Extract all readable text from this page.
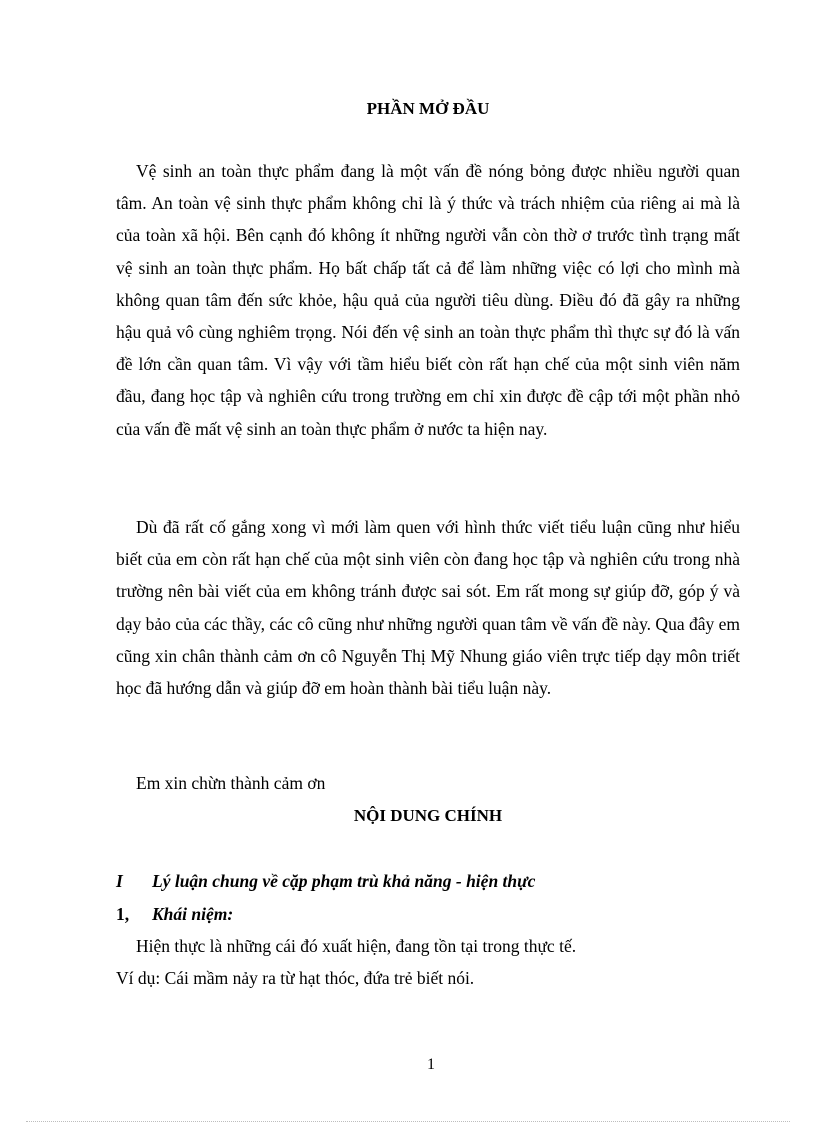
PHẦN MỞ ĐẦU

Vệ sinh an toàn thực phẩm đang là một vấn đề nóng bỏng được nhiều người quan tâm. An toàn vệ sinh thực phẩm không chỉ là ý thức và trách nhiệm của riêng ai mà là của toàn xã hội. Bên cạnh đó không ít những người vẫn còn thờ ơ trước tình trạng mất vệ sinh an toàn thực phẩm. Họ bất chấp tất cả để làm những việc có lợi cho mình mà không quan tâm đến sức khỏe, hậu quả của người tiêu dùng. Điều đó đã gây ra những hậu quả vô cùng nghiêm trọng. Nói đến vệ sinh an toàn thực phẩm thì thực sự đó là vấn đề lớn cần quan tâm. Vì vậy với tầm hiểu biết còn rất hạn chế của một sinh viên năm đầu, đang học tập và nghiên cứu trong trường em chỉ xin được đề cập tới một phần nhỏ của vấn đề mất vệ sinh an toàn thực phẩm ở nước ta hiện nay.

Dù đã rất cố gắng xong vì mới làm quen với hình thức viết tiểu luận cũng như hiểu biết của em còn rất hạn chế của một sinh viên còn đang học tập và nghiên cứu trong nhà trường nên bài viết của em không tránh được sai sót. Em rất mong sự giúp đỡ, góp ý và dạy bảo của các thầy, các cô cũng như những người quan tâm về vấn đề này. Qua đây em cũng xin chân thành cảm ơn cô Nguyễn Thị Mỹ Nhung giáo viên trực tiếp dạy môn triết học đã hướng dẫn và giúp đỡ em hoàn thành bài tiểu luận này.

Em xin chừn thành cảm ơn

NỘI DUNG CHÍNH

I Lý luận chung về cặp phạm trù khả năng - hiện thực

1, Khái niệm:

Hiện thực là những cái đó xuất hiện, đang tồn tại trong thực tế.

Ví dụ: Cái mầm nảy ra từ hạt thóc, đứa trẻ biết nói.

1
